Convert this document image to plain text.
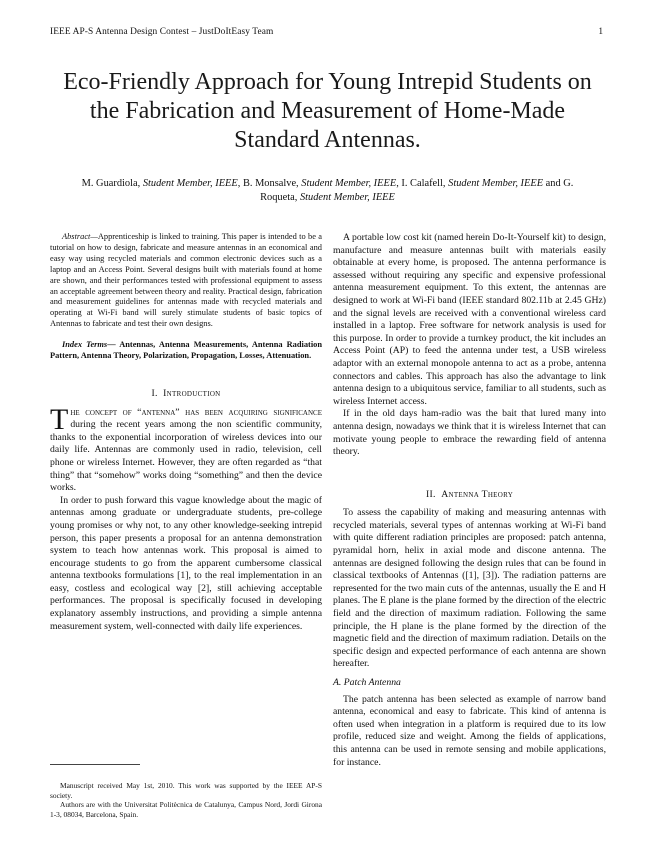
IEEE AP-S Antenna Design Contest – JustDoItEasy Team	1
Eco-Friendly Approach for Young Intrepid Students on the Fabrication and Measurement of Home-Made Standard Antennas.
M. Guardiola, Student Member, IEEE, B. Monsalve, Student Member, IEEE, I. Calafell, Student Member, IEEE and G. Roqueta, Student Member, IEEE
Abstract—Apprenticeship is linked to training. This paper is intended to be a tutorial on how to design, fabricate and measure antennas in an economical and easy way using recycled materials and common electronic devices such as a laptop and an Access Point. Several designs built with materials found at home are shown, and their performances tested with professional equipment to assess an acceptable agreement between theory and reality. Practical design, fabrication and measurement guidelines for antennas made with recycled materials and operating at Wi-Fi band will surely stimulate students of basic topics of Antennas to fabricate and test their own designs.
Index Terms— Antennas, Antenna Measurements, Antenna Radiation Pattern, Antenna Theory, Polarization, Propagation, Losses, Attenuation.
I. Introduction

The concept of “antenna” has been acquiring significance during the recent years among the non scientific community, thanks to the exponential incorporation of wireless devices into our daily life. Antennas are commonly used in radio, television, cell phone or wireless Internet. However, they are often regarded as “that thing” that “somehow” works doing “something” and then the device works.

In order to push forward this vague knowledge about the magic of antennas among graduate or undergraduate students, pre-college young promises or why not, to any other knowledge-seeking intrepid person, this paper presents a proposal for an antenna demonstration system to teach how antennas work. This proposal is aimed to encourage students to go from the apparent cumbersome classical antenna textbooks formulations [1], to the real implementation in an easy, costless and ecological way [2], still achieving acceptable performances. The proposal is specifically focused in developing explanatory assembly instructions, and providing a simple antenna measurement system, well-connected with daily life experiences.

A portable low cost kit (named herein Do-It-Yourself kit) to design, manufacture and measure antennas built with materials easily obtainable at every home, is proposed. The antenna performance is assessed without requiring any specific and expensive professional antenna measurement equipment. To this extent, the antennas are designed to work at Wi-Fi band (IEEE standard 802.11b at 2.45 GHz) and the signal levels are received with a conventional wireless card installed in a laptop. Free software for network analysis is used for this purpose. In order to provide a turnkey product, the kit includes an Access Point (AP) to feed the antenna under test, a USB wireless adaptor with an external monopole antenna to act as a probe, antenna connectors and cables. This approach has also the advantage to link antenna design to a ubiquitous service, familiar to all students, such as wireless Internet access.

If in the old days ham-radio was the bait that lured many into antenna design, nowadays we think that it is wireless Internet that can motivate young people to embrace the rewarding field of antenna theory.

II. Antenna Theory

To assess the capability of making and measuring antennas with recycled materials, several types of antennas working at Wi-Fi band with quite different radiation principles are proposed: patch antenna, pyramidal horn, helix in axial mode and discone antenna. The antennas are designed following the design rules that can be found in classical textbooks of Antennas ([1], [3]). The radiation patterns are represented for the two main cuts of the antennas, usually the E and H planes. The E plane is the plane formed by the direction of the electric field and the direction of maximum radiation. Following the same principle, the H plane is the plane formed by the direction of the magnetic field and the direction of maximum radiation. Details on the specific design and expected performance of each antenna are shown hereafter.

A. Patch Antenna

The patch antenna has been selected as example of narrow band antenna, economical and easy to fabricate. This kind of antenna is often used when integration in a platform is required due to its low profile, reduced size and weight. Among the fields of applications, this antenna can be used in remote sensing and mobile applications, for instance.

Manuscript received May 1st, 2010. This work was supported by the IEEE AP-S society.

Authors are with the Universitat Politècnica de Catalunya, Campus Nord, Jordi Girona 1-3, 08034, Barcelona, Spain.
